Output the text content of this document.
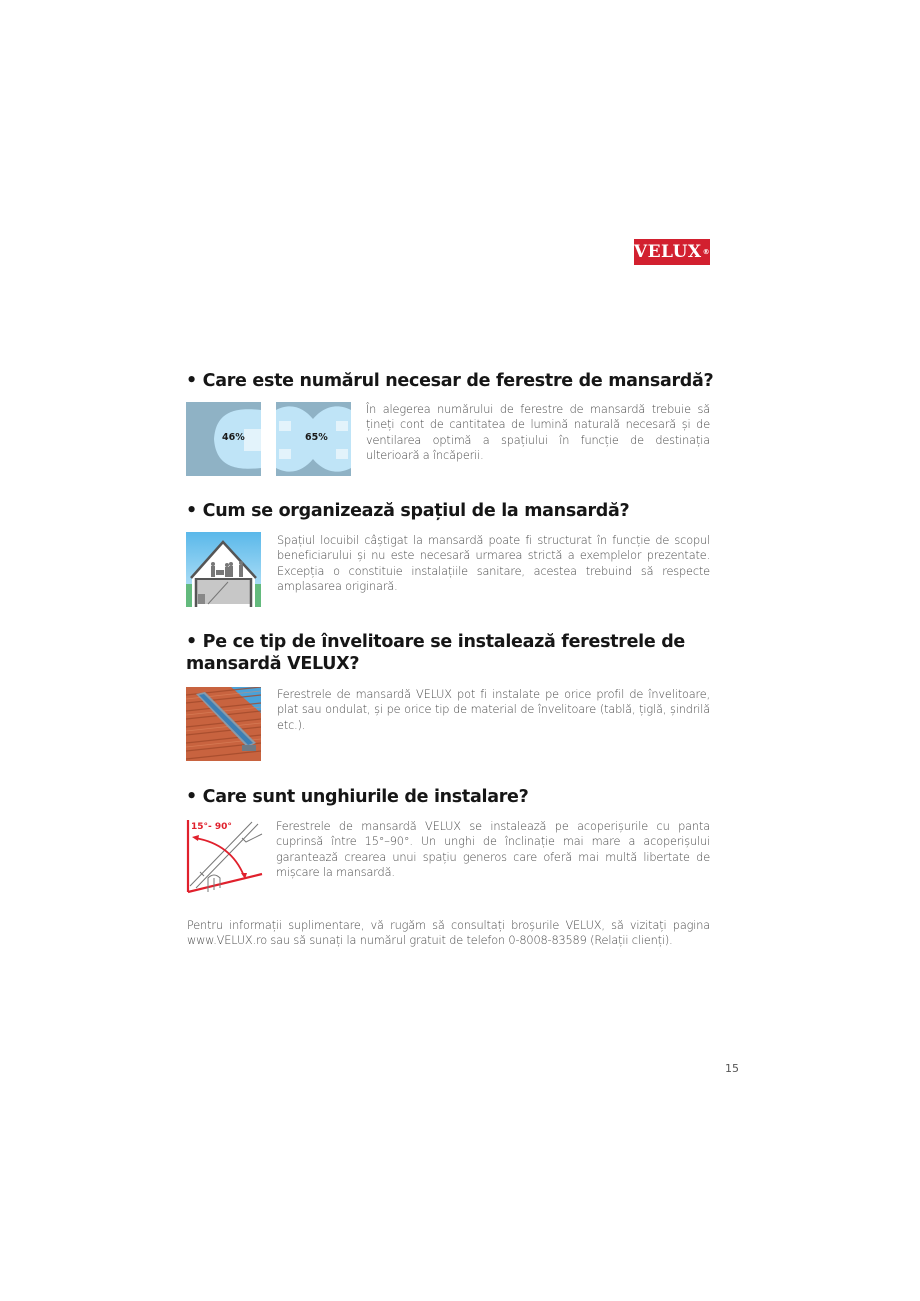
VELUX ®
• Care este numărul necesar de ferestre de mansardă?
46%	65%
În alegerea numărului de ferestre de mansardă trebuie să țineți cont de cantitatea de lumină naturală necesară și de ventilarea optimă a spațiului în funcție de destinația ulterioară a încăperii.
• Cum se organizează spațiul de la mansardă?
Spațiul locuibil câștigat la mansardă poate fi structurat în funcție de scopul beneficiarului și nu este necesară urmarea strictă a exemplelor prezentate. Excepția o constituie instalațiile sanitare, acestea trebuind să respecte amplasarea originară.
• Pe ce tip de învelitoare se instalează ferestrele de mansardă VELUX?
Ferestrele de mansardă VELUX pot fi instalate pe orice profil de învelitoare, plat sau ondulat, și pe orice tip de material de învelitoare (tablă, țiglă, șindrilă etc.).
• Care sunt unghiurile de instalare?
15°- 90°	Ferestrele de mansardă VELUX se instalează pe acoperișurile cu panta cuprinsă între 15°–90°. Un unghi de înclinație mai mare a acoperișului garantează crearea unui spațiu generos care oferă mai multă libertate de mișcare la mansardă.
Pentru informații suplimentare, vă rugăm să consultați broșurile VELUX, să vizitați pagina www.VELUX.ro sau să sunați la numărul gratuit de telefon 0-8008-83589 (Relații clienți).
15
